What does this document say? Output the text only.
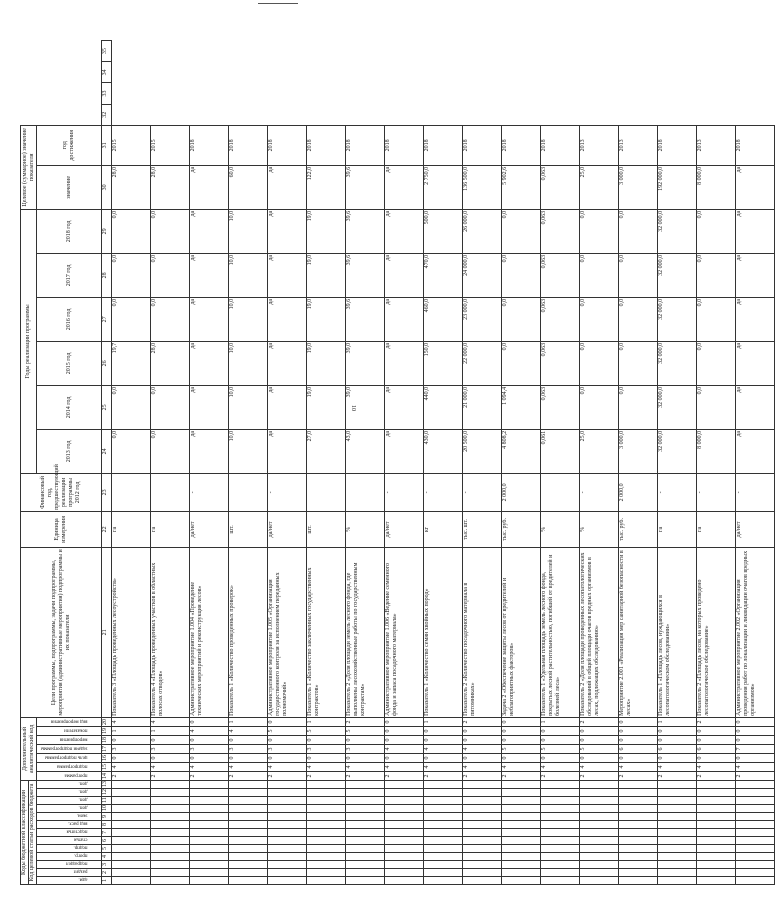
10
Коды бюджетной классификации													Дополнительный аналитический код							Цели программы, подпрограммы, задачи подпрограммы, мероприятия (административные мероприятия) подпрограммы и их показатели	Единица измерения	Финансовый год, предшествующий реализации программы 2012 год	Годы реализации программы						Целевое (суммарное) значение показателя					
Код целевой статьи расходов бюджета																																		

адм.	раздел	подраздел	прогр.	подпр.	статья	подстатья	вид расх.	экон.	доп.	доп.	доп.	доп.	программа	подпрограмма	цель подпрограммы	задачи подпрограммы	мероприятия	показатели	вид мероприятия				2013 год	2014 год	2015 год	2016 год	2017 год	2018 год	значение	год достижения				
1	2	3	4	5	6	7	8	9	10	11	12	13	14	15	16	17	18	19	20	21	22	23	24	25	26	27	28	29	30	31	32	33	34	35
													2	4	0	3	0	1	4	Показатель 3 «Площадь проведенных лесоустройств»	га		0,0	0,0	19,7	0,0	0,0	0,0	28,0	2015				
													2	4	0	3	0	1	4	Показатель 4 «Площадь проведенных участков в областных полосах отводов»	га		0,0	0,0	28,0	0,0	0,0	0,0	28,0	2015				
													2	4	0	3	0	4	0	Административное мероприятие 1.004 «Проведение технических мероприятий и реконструкция лесов»	да/нет	-	да	да	да	да	да	да	да	2018				
													2	4	0	3	0	4	1	Показатель 1 «Количество проведенных проверок»	шт.		10,0	10,0	10,0	10,0	10,0	10,0	60,0	2018				
													2	4	0	3	0	5	0	Административное мероприятие 1.005 «Организация государственного контроля за исполнением переданных полномочий»	да/нет	-	да	да	да	да	да	да	да	2018				
													2	4	0	3	0	5	1	Показатель 1 «Количество заключенных государственных контрактов»	шт.		27,0	19,0	19,0	19,0	19,0	19,0	122,0	2018				
													2	4	0	3	0	5	2	Показатель 2 «Доля площади земель лесного фонда, где выполнены лесохозяйственные работы по государственным контрактам»	%		43,0	39,0	39,0	39,6	39,6	39,6	39,6	2018				
													2	4	0	4	0	0	0	Административное мероприятие 1.006 «Ведение семенного фонда и запаса посадочного материала»	да/нет	-	да	да	да	да	да	да	да	2018				
													2	4	0	4	0	0	1	Показатель 1 «Количество семян хвойных пород»	кг	-	430,0	440,0	150,0	460,0	470,0	500,0	2 750,0	2018				
													2	4	0	4	0	0	2	Показатель 2 «Количество посадочного материала в питомниках»	тыс. шт.	-	20 500,0	21 000,0	22 000,0	23 000,0	24 000,0	26 000,0	136 500,0	2018				
													2	4	0	5	0	0	0	Задача 2 «Обеспечение защиты лесов от вредителей и неблагоприятных факторов»	тыс. руб.	2 000,0	4 808,2	1 094,4	0,0	0,0	0,0	0,0	5 902,6	2018				
													2	4	0	5	0	0	1	Показатель 1 «Удельная площадь земель лесного фонда, покрытых лесной растительностью, погибшей от вредителей и болезней леса»	%		0,061	0,063	0,063	0,063	0,063	0,063	0,063	2018				
													2	4	0	5	0	0	2	Показатель 2 «Доля площади проведенных лесопатологических обследований в общей площади очагов вредных организмов в лесах, подлежащих обследованию»	%	-	25,0	0,0	0,0	0,0	0,0	0,0	25,0	2013				
													2	4	0	6	0	0	0	Мероприятие 2.001 «Реализация мер санитарной безопасности в лесах»	тыс. руб.	2 000,0	3 000,0	0,0	0,0	0,0	0,0	0,0	3 000,0	2013				
													2	4	0	6	0	0	1	Показатель 1 «Площадь лесов, нуждающихся в лесопатологическом обследовании»	га	-	32 000,0	32 000,0	32 000,0	32 000,0	32 000,0	32 000,0	192 000,0	2018				
													2	4	0	6	0	0	2	Показатель 2 «Площадь лесов, на которых проведено лесопатологическое обследование»	га	-	8 000,0	0,0	0,0	0,0	0,0	0,0	8 000,0	2013				
													2	4	0	7	0	0	0	Административное мероприятие 2.002 «Организация проведения работ по локализации и ликвидации очагов вредных организмов»	да/нет	-	да	да	да	да	да	да	да	2018				
